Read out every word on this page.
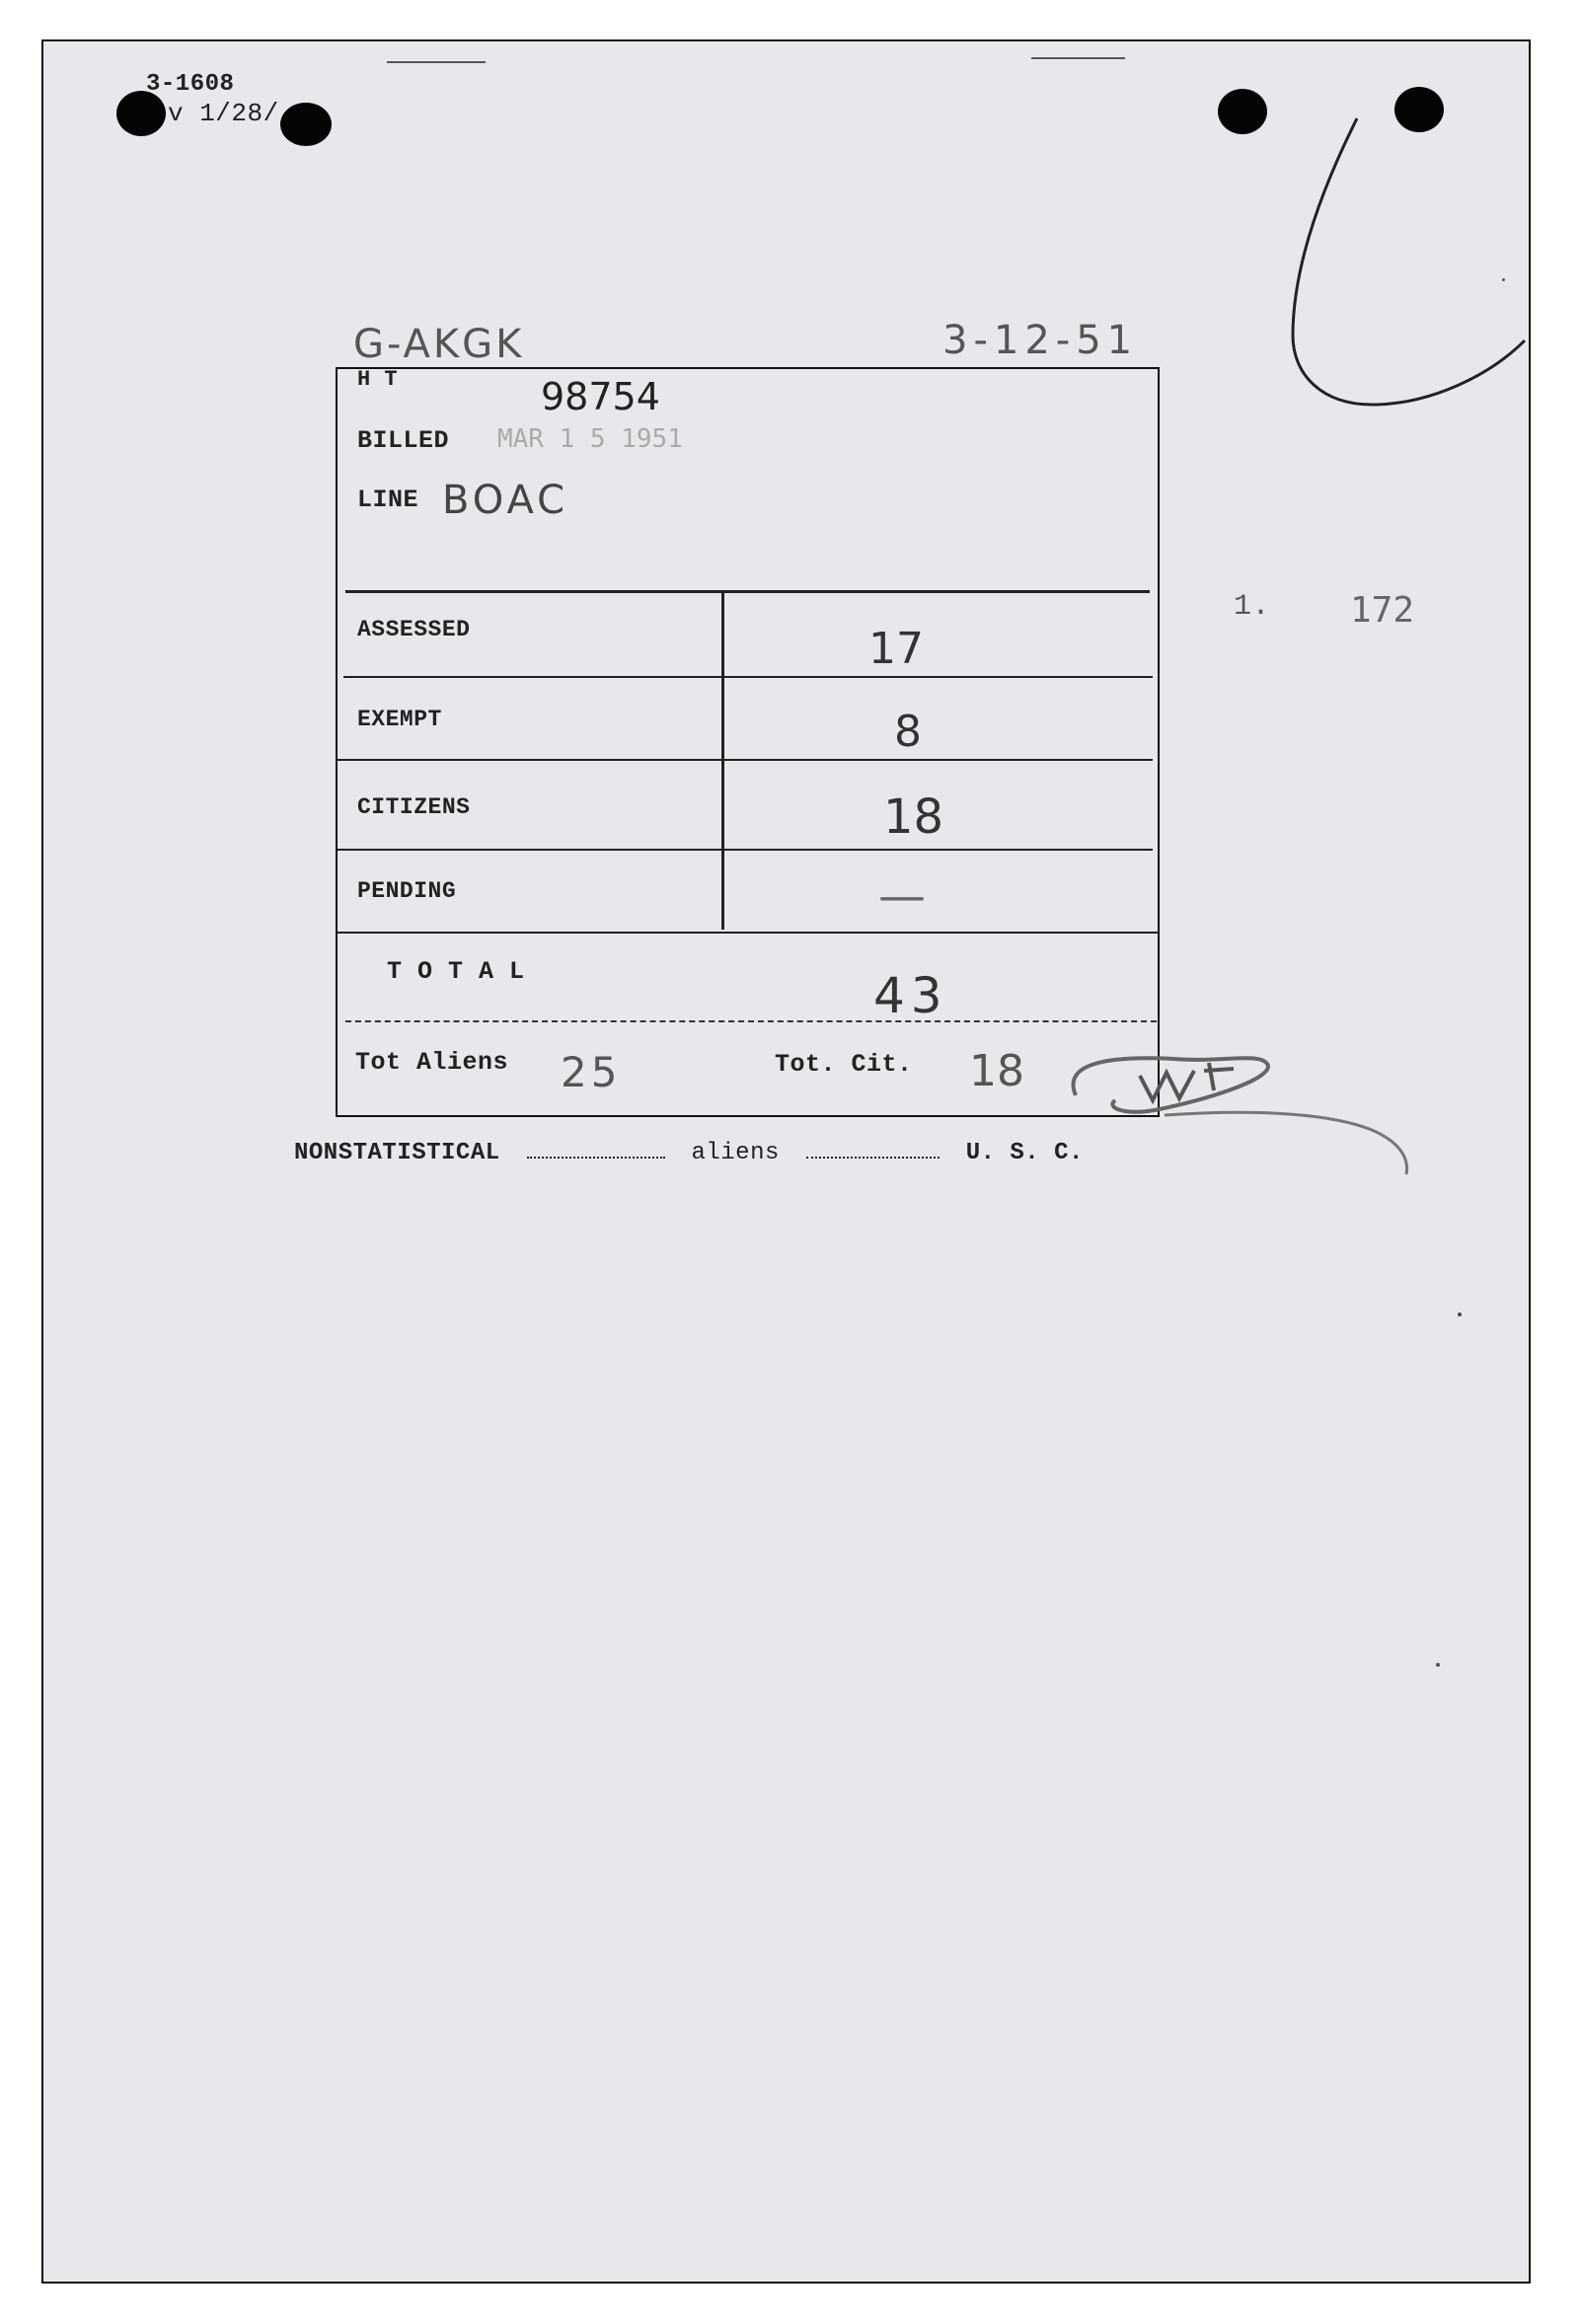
3-1608
v 1/28/
G-AKGK	3-12-51
H T	98754
BILLED MAR 1 5 1951
LINE BOAC
ASSESSED	17
EXEMPT	8
CITIZENS	18
PENDING	—
T O T A L	43
Tot Aliens 25	Tot. Cit. 18
1. 172
NONSTATISTICAL	aliens	U. S. C.
